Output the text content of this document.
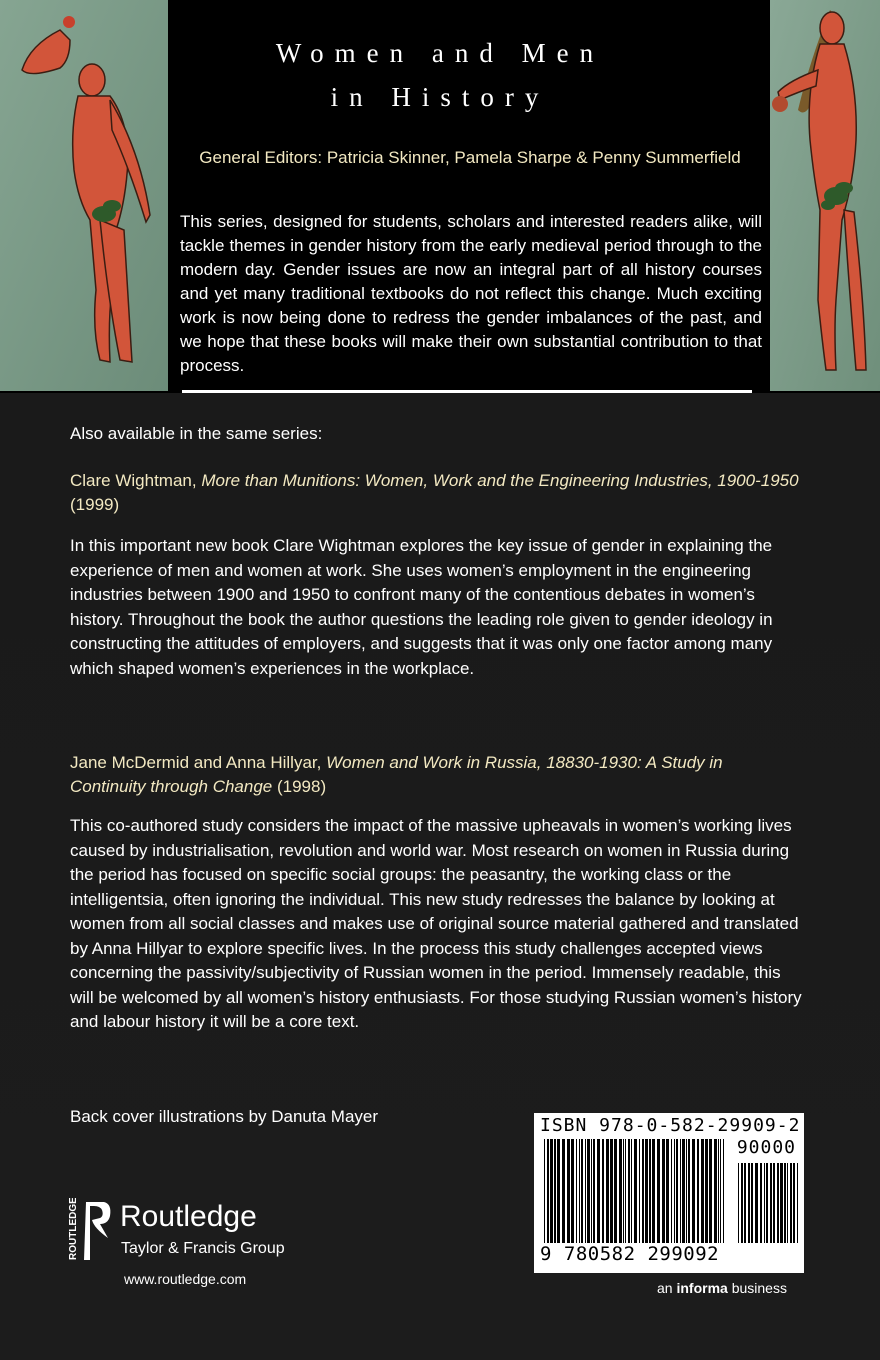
Women and Men
in History
General Editors: Patricia Skinner, Pamela Sharpe & Penny Summerfield
This series, designed for students, scholars and interested readers alike, will tackle themes in gender history from the early medieval period through to the modern day. Gender issues are now an integral part of all history courses and yet many traditional textbooks do not reflect this change. Much exciting work is now being done to redress the gender imbalances of the past, and we hope that these books will make their own substantial contribution to that process.
Also available in the same series:
Clare Wightman, More than Munitions: Women, Work and the Engineering Industries, 1900-1950 (1999)
In this important new book Clare Wightman explores the key issue of gender in explaining the experience of men and women at work. She uses women’s employment in the engineering industries between 1900 and 1950 to confront many of the contentious debates in women’s history. Throughout the book the author questions the leading role given to gender ideology in constructing the attitudes of employers, and suggests that it was only one factor among many which shaped women’s experiences in the workplace.
Jane McDermid and Anna Hillyar, Women and Work in Russia, 18830-1930: A Study in Continuity through Change (1998)
This co-authored study considers the impact of the massive upheavals in women’s working lives caused by industrialisation, revolution and world war. Most research on women in Russia during the period has focused on specific social groups: the peasantry, the working class or the intelligentsia, often ignoring the individual. This new study redresses the balance by looking at women from all social classes and makes use of original source material gathered and translated by Anna Hillyar to explore specific lives. In the process this study challenges accepted views concerning the passivity/subjectivity of Russian women in the period. Immensely readable, this will be welcomed by all women’s history enthusiasts. For those studying Russian women’s history and labour history it will be a core text.
Back cover illustrations by Danuta Mayer
ROUTLEDGE Routledge
Taylor & Francis Group
www.routledge.com
ISBN 978-0-582-29909-2
90000
9 780582 299092
an informa business
